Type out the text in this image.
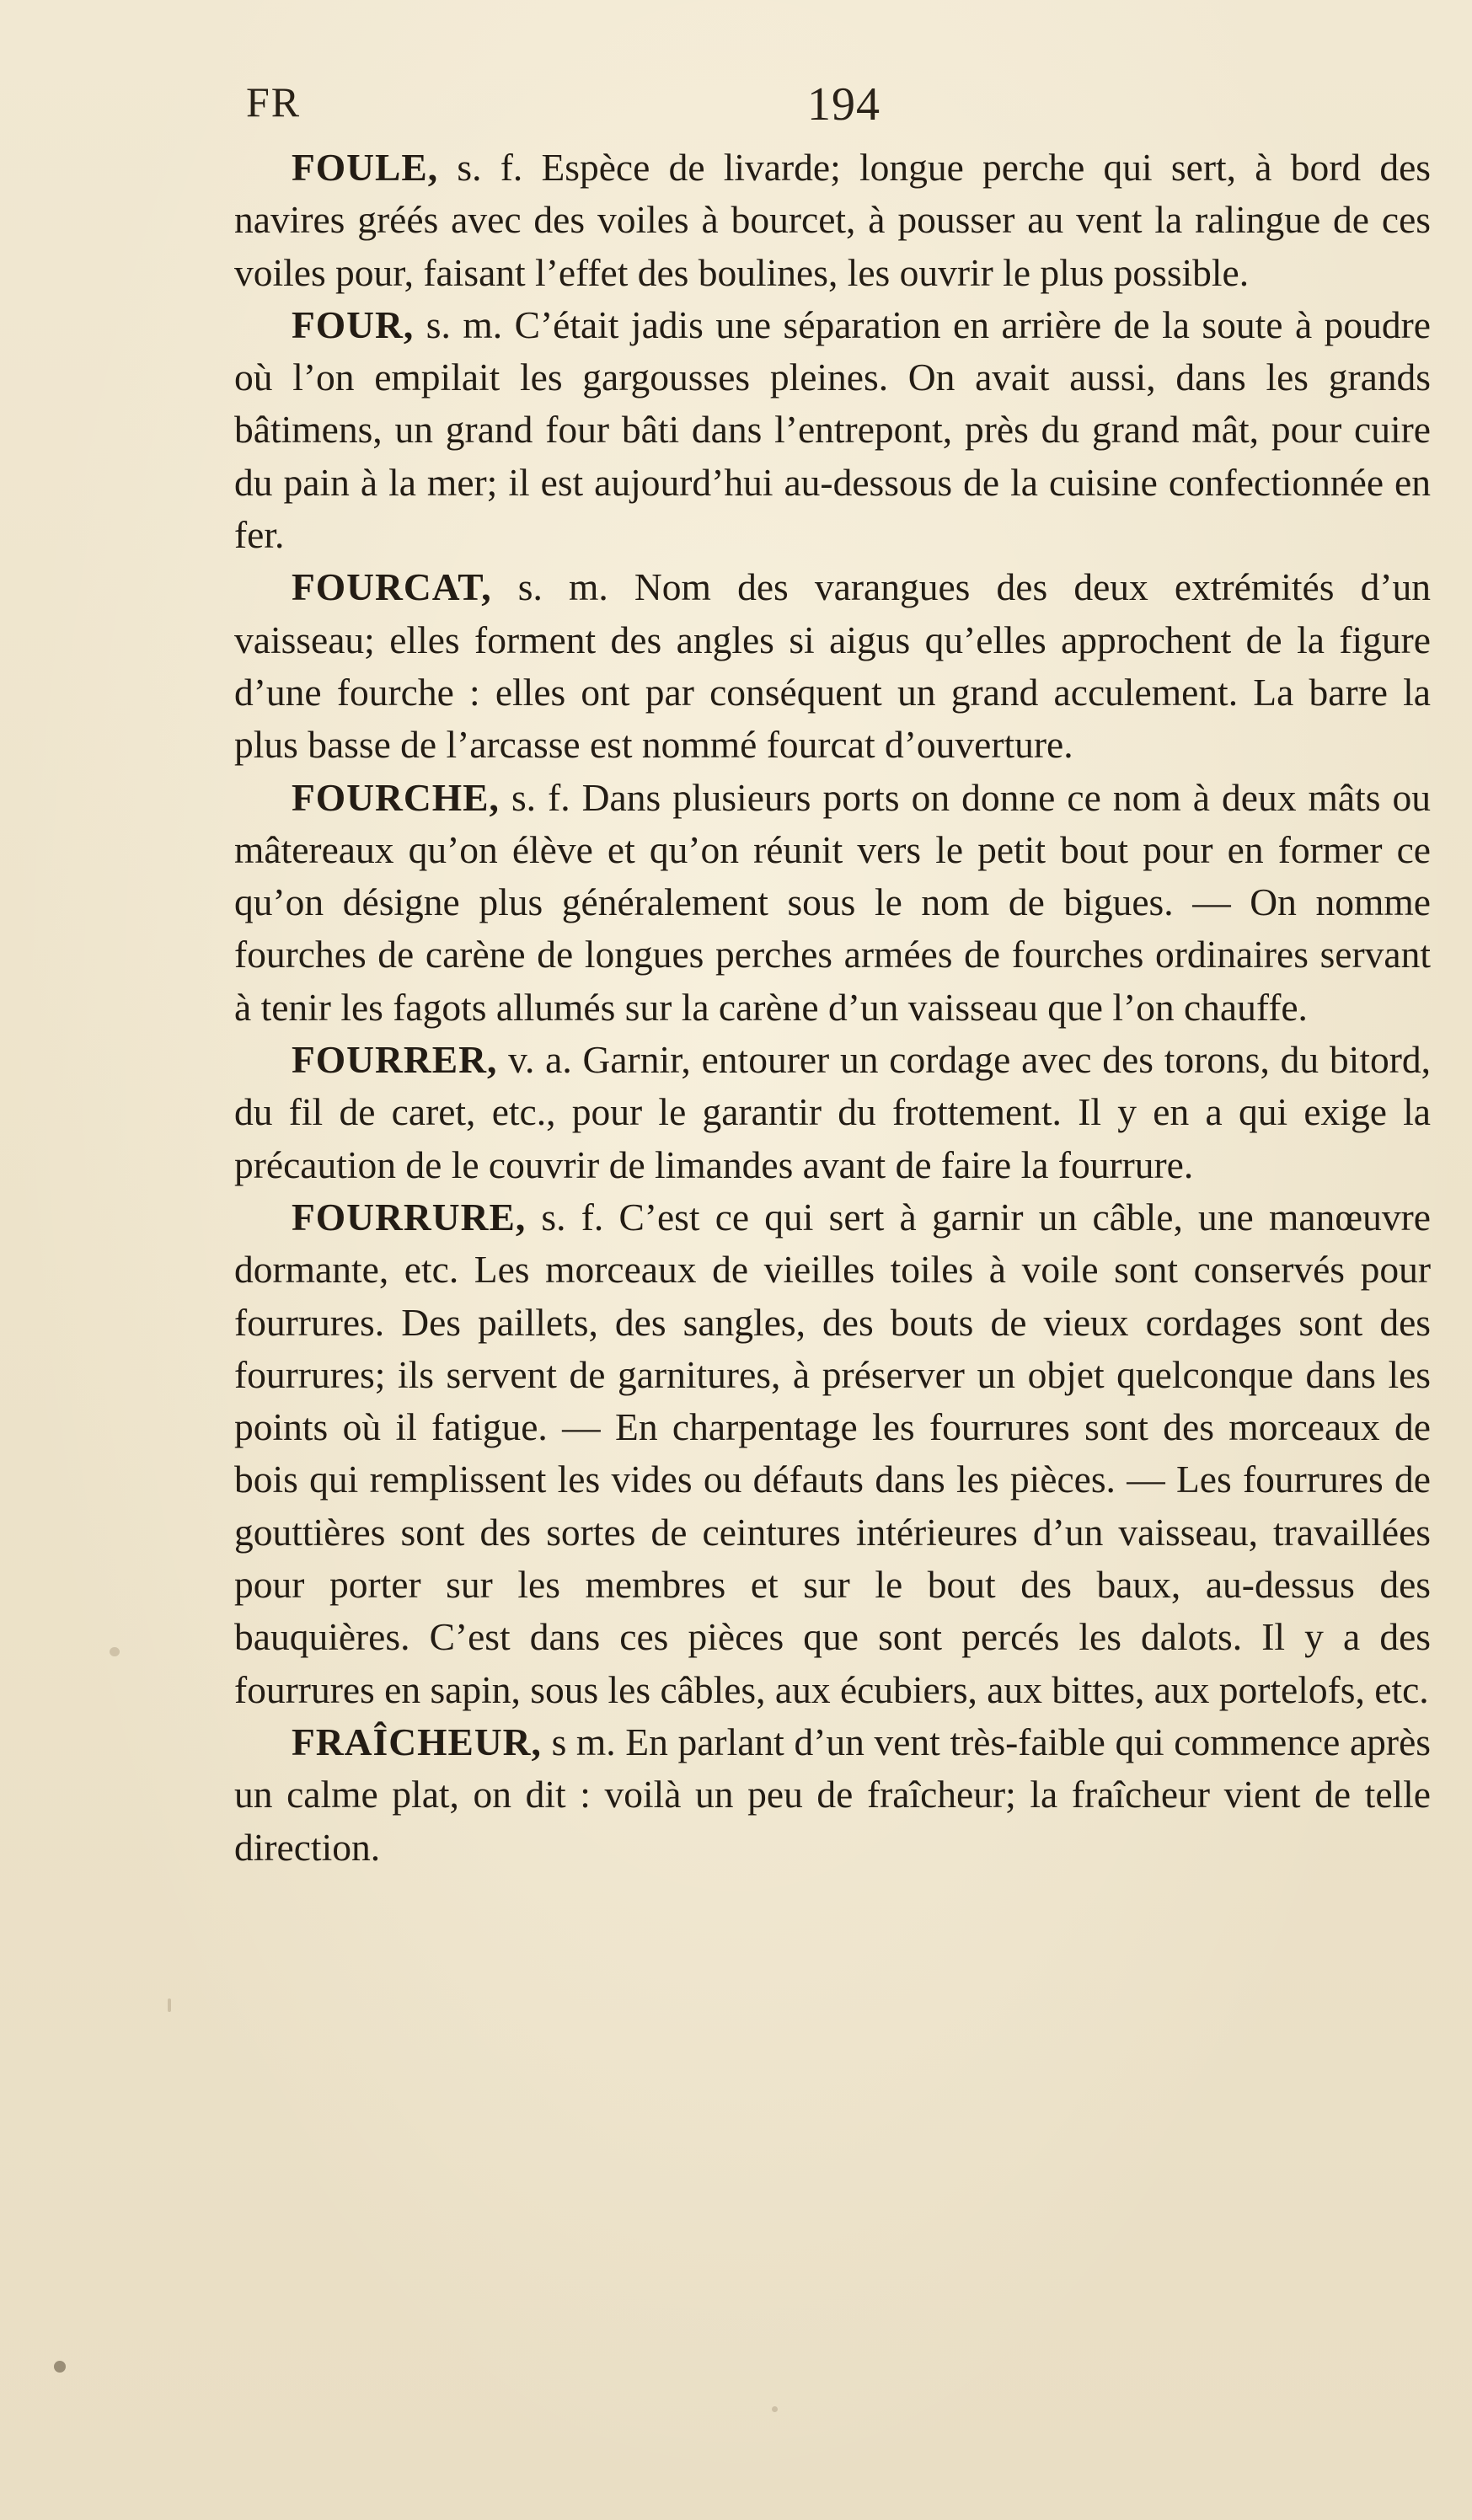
FR	194

FOULE, s. f. Espèce de livarde; longue perche qui sert, à bord des navires gréés avec des voiles à bourcet, à pousser au vent la ralingue de ces voiles pour, faisant l’effet des boulines, les ouvrir le plus possible.

FOUR, s. m. C’était jadis une séparation en arrière de la soute à poudre où l’on empilait les gargousses pleines. On avait aussi, dans les grands bâtimens, un grand four bâti dans l’entrepont, près du grand mât, pour cuire du pain à la mer; il est aujourd’hui au-dessous de la cuisine confectionnée en fer.

FOURCAT, s. m. Nom des varangues des deux extrémités d’un vaisseau; elles forment des angles si aigus qu’elles approchent de la figure d’une fourche : elles ont par conséquent un grand acculement. La barre la plus basse de l’arcasse est nommé fourcat d’ouverture.

FOURCHE, s. f. Dans plusieurs ports on donne ce nom à deux mâts ou mâtereaux qu’on élève et qu’on réunit vers le petit bout pour en former ce qu’on désigne plus généralement sous le nom de bigues. — On nomme fourches de carène de longues perches armées de fourches ordinaires servant à tenir les fagots allumés sur la carène d’un vaisseau que l’on chauffe.

FOURRER, v. a. Garnir, entourer un cordage avec des torons, du bitord, du fil de caret, etc., pour le garantir du frottement. Il y en a qui exige la précaution de le couvrir de limandes avant de faire la fourrure.

FOURRURE, s. f. C’est ce qui sert à garnir un câble, une manœuvre dormante, etc. Les morceaux de vieilles toiles à voile sont conservés pour fourrures. Des paillets, des sangles, des bouts de vieux cordages sont des fourrures; ils servent de garnitures, à préserver un objet quelconque dans les points où il fatigue. — En charpentage les fourrures sont des morceaux de bois qui remplissent les vides ou défauts dans les pièces. — Les fourrures de gouttières sont des sortes de ceintures intérieures d’un vaisseau, travaillées pour porter sur les membres et sur le bout des baux, au-dessus des bauquières. C’est dans ces pièces que sont percés les dalots. Il y a des fourrures en sapin, sous les câbles, aux écubiers, aux bittes, aux portelofs, etc.

FRAÎCHEUR, s m. En parlant d’un vent très-faible qui commence après un calme plat, on dit : voilà un peu de fraîcheur; la fraîcheur vient de telle direction.
